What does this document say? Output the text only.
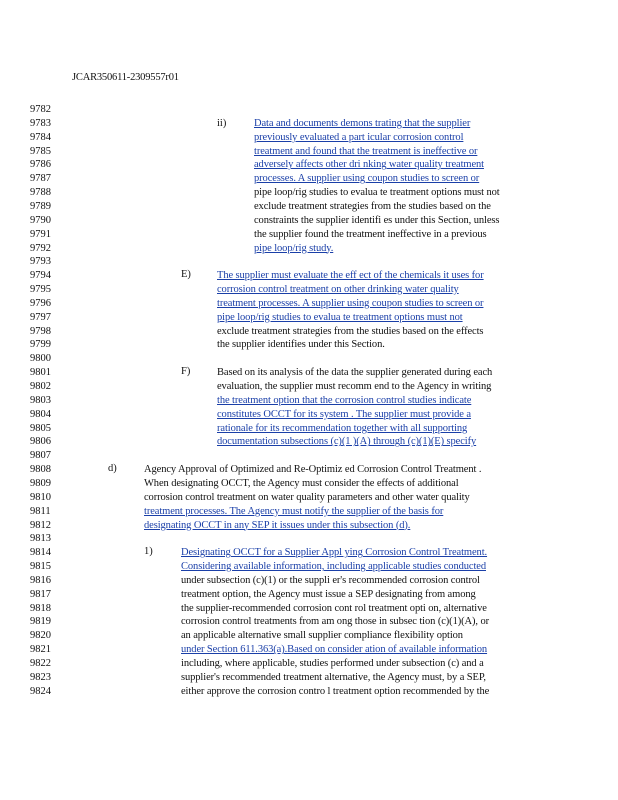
JCAR350611-2309557r01
9782
9783
9784
9785
9786
9787
9788
9789
9790
9791
9792
9793
9794
9795
9796
9797
9798
9799
9800
9801
9802
9803
9804
9805
9806
9807
9808
9809
9810
9811
9812
9813
9814
9815
9816
9817
9818
9819
9820
9821
9822
9823
9824
ii)
E)
F)
d)
1)
Data and documents demons trating that the supplier
previously evaluated a part icular corrosion control
treatment and found that the treatment is ineffective or
adversely affects other dri nking water quality treatment
processes. A supplier using coupon studies to screen or
pipe loop/rig studies to evalua te treatment options must not
exclude treatment strategies from the studies based on the
constraints the supplier identifi es under this Section, unless
the supplier found the treatment ineffective in a previous
pipe loop/rig study.
The supplier must evaluate the eff ect of the chemicals it uses for
corrosion control treatment on other drinking water quality
treatment processes. A supplier using coupon studies to screen or
pipe loop/rig studies to evalua te treatment options must not
exclude treatment strategies from the studies based on the effects
the supplier identifies under this Section.
Based on its analysis of the data the supplier generated during each
evaluation, the supplier must recomm end to the Agency in writing
the treatment option that the corrosion control studies indicate
constitutes OCCT for its system . The supplier must provide a
rationale for its recommendation together with all supporting
documentation subsections (c)(1 )(A) through (c)(1)(E) specify
Agency Approval of Optimized and Re-Optimiz ed Corrosion Control Treatment .
When designating OCCT, the Agency must consider the effects of additional
corrosion control treatment on water quality parameters and other water quality
treatment processes. The Agency must notify the supplier of the basis for
designating OCCT in any SEP it issues under this subsection (d).
Designating OCCT for a Supplier Appl ying Corrosion Control Treatment.
Considering available information, including applicable studies conducted
under subsection (c)(1) or the suppli er's recommended corrosion control
treatment option, the Agency must issue a SEP designating from among
the supplier-recommended corrosion cont rol treatment opti on, alternative
corrosion control treatments from am ong those in subsec tion (c)(1)(A), or
an applicable alternative small supplier compliance flexibility option
under Section 611.363(a).Based on consider ation of available information
including, where applicable, studies performed under subsection (c) and a
supplier's recommended treatment alternative, the Agency must, by a SEP,
either approve the corrosion contro l treatment option recommended by the
